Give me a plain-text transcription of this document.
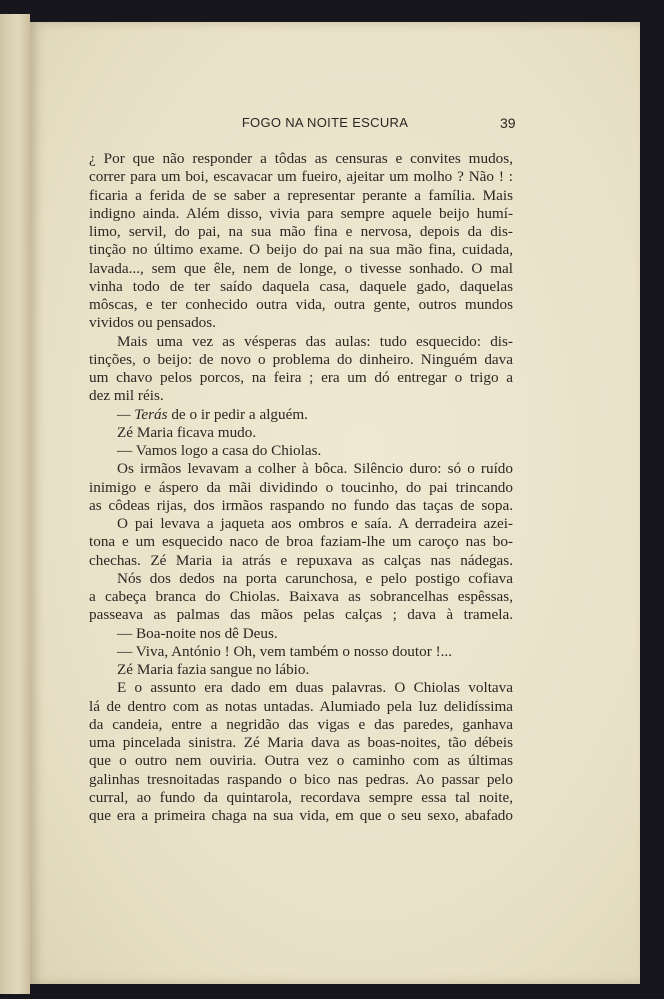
FOGO NA NOITE ESCURA	39
¿ Por que não responder a tôdas as censuras e convites mudos,
correr para um boi, escavacar um fueiro, ajeitar um molho ? Não ! :
ficaria a ferida de se saber a representar perante a família. Mais
indigno ainda. Além disso, vivia para sempre aquele beijo humí-
limo, servil, do pai, na sua mão fina e nervosa, depois da dis-
tinção no último exame. O beijo do pai na sua mão fina, cuidada,
lavada..., sem que êle, nem de longe, o tivesse sonhado. O mal
vinha todo de ter saído daquela casa, daquele gado, daquelas
môscas, e ter conhecido outra vida, outra gente, outros mundos
vividos ou pensados.
Mais uma vez as vésperas das aulas: tudo esquecido: dis-
tinções, o beijo: de novo o problema do dinheiro. Ninguém dava
um chavo pelos porcos, na feira ; era um dó entregar o trigo a
dez mil réis.
— Terás de o ir pedir a alguém.
Zé Maria ficava mudo.
— Vamos logo a casa do Chiolas.
Os irmãos levavam a colher à bôca. Silêncio duro: só o ruído
inimigo e áspero da mãi dividindo o toucinho, do pai trincando
as côdeas rijas, dos irmãos raspando no fundo das taças de sopa.
O pai levava a jaqueta aos ombros e saía. A derradeira azei-
tona e um esquecido naco de broa faziam-lhe um caroço nas bo-
chechas. Zé Maria ia atrás e repuxava as calças nas nádegas.
Nós dos dedos na porta carunchosa, e pelo postigo cofiava
a cabeça branca do Chiolas. Baixava as sobrancelhas espêssas,
passeava as palmas das mãos pelas calças ; dava à tramela.
— Boa-noite nos dê Deus.
— Viva, António ! Oh, vem também o nosso doutor !...
Zé Maria fazia sangue no lábio.
E o assunto era dado em duas palavras. O Chiolas voltava
lá de dentro com as notas untadas. Alumiado pela luz delidíssima
da candeia, entre a negridão das vigas e das paredes, ganhava
uma pincelada sinistra. Zé Maria dava as boas-noites, tão débeis
que o outro nem ouviria. Outra vez o caminho com as últimas
galinhas tresnoitadas raspando o bico nas pedras. Ao passar pelo
curral, ao fundo da quintarola, recordava sempre essa tal noite,
que era a primeira chaga na sua vida, em que o seu sexo, abafado
